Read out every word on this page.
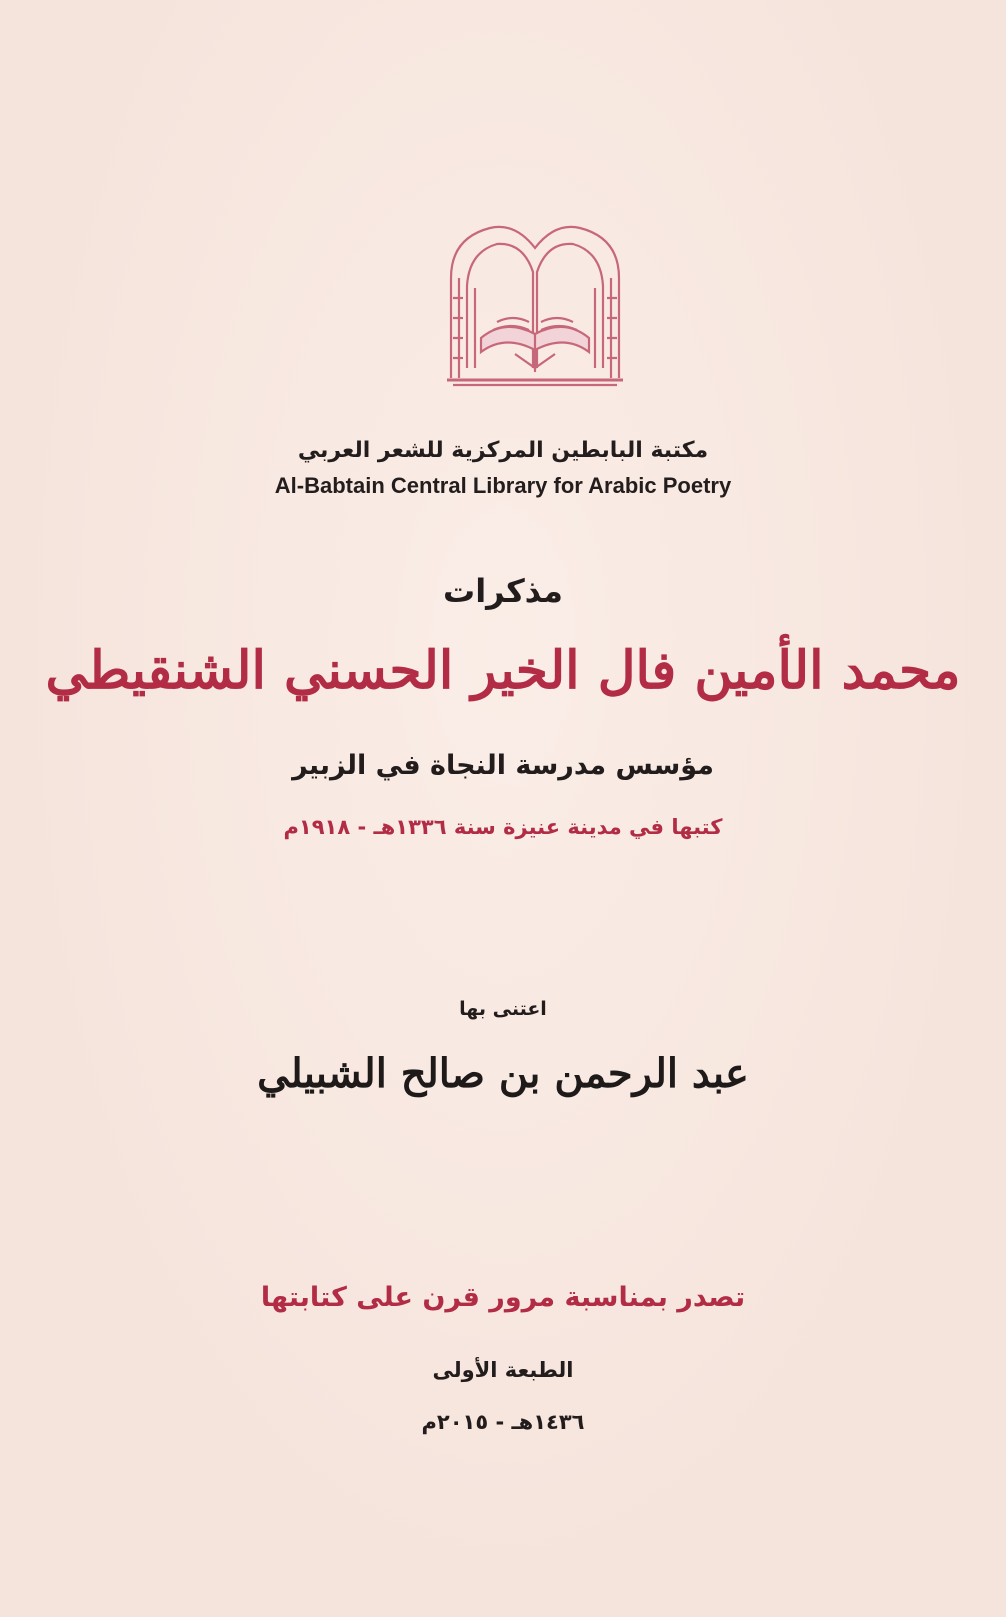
مكتبة البابطين المركزية للشعر العربي
Al-Babtain Central Library for Arabic Poetry
مذكرات
محمد الأمين فال الخير الحسني الشنقيطي
مؤسس مدرسة النجاة في الزبير
كتبها في مدينة عنيزة سنة ١٣٣٦هـ - ١٩١٨م
اعتنى بها
عبد الرحمن بن صالح الشبيلي
تصدر بمناسبة مرور قرن على كتابتها
الطبعة الأولى
١٤٣٦هـ - ٢٠١٥م
